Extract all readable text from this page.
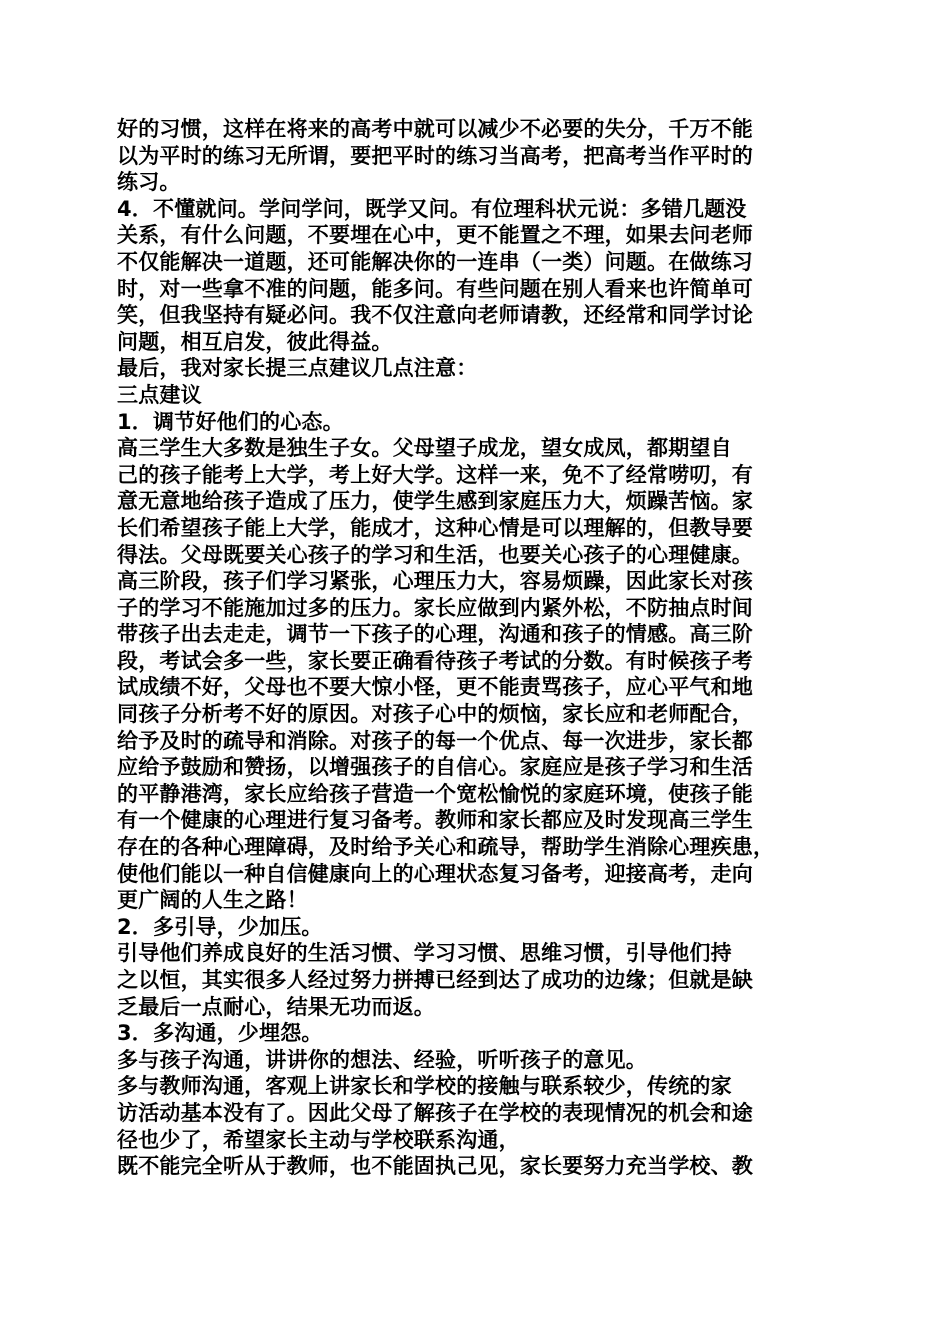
好的习惯，这样在将来的高考中就可以减少不必要的失分，千万不能
以为平时的练习无所谓，要把平时的练习当高考，把高考当作平时的
练习。
4．不懂就问。学问学问，既学又问。有位理科状元说：多错几题没
关系，有什么问题，不要埋在心中，更不能置之不理，如果去问老师
不仅能解决一道题，还可能解决你的一连串（一类）问题。在做练习
时，对一些拿不准的问题，能多问。有些问题在别人看来也许简单可
笑，但我坚持有疑必问。我不仅注意向老师请教，还经常和同学讨论
问题，相互启发，彼此得益。
最后，我对家长提三点建议几点注意：
三点建议
1．调节好他们的心态。
高三学生大多数是独生子女。父母望子成龙，望女成凤，都期望自
己的孩子能考上大学，考上好大学。这样一来，免不了经常唠叨，有
意无意地给孩子造成了压力，使学生感到家庭压力大，烦躁苦恼。家
长们希望孩子能上大学，能成才，这种心情是可以理解的，但教导要
得法。父母既要关心孩子的学习和生活，也要关心孩子的心理健康。
高三阶段，孩子们学习紧张，心理压力大，容易烦躁，因此家长对孩
子的学习不能施加过多的压力。家长应做到内紧外松，不防抽点时间
带孩子出去走走，调节一下孩子的心理，沟通和孩子的情感。高三阶
段，考试会多一些，家长要正确看待孩子考试的分数。有时候孩子考
试成绩不好，父母也不要大惊小怪，更不能责骂孩子，应心平气和地
同孩子分析考不好的原因。对孩子心中的烦恼，家长应和老师配合，
给予及时的疏导和消除。对孩子的每一个优点、每一次进步，家长都
应给予鼓励和赞扬，以增强孩子的自信心。家庭应是孩子学习和生活
的平静港湾，家长应给孩子营造一个宽松愉悦的家庭环境，使孩子能
有一个健康的心理进行复习备考。教师和家长都应及时发现高三学生
存在的各种心理障碍，及时给予关心和疏导，帮助学生消除心理疾患，
使他们能以一种自信健康向上的心理状态复习备考，迎接高考，走向
更广阔的人生之路！
2．多引导，少加压。
引导他们养成良好的生活习惯、学习习惯、思维习惯，引导他们持
之以恒，其实很多人经过努力拼搏已经到达了成功的边缘；但就是缺
乏最后一点耐心，结果无功而返。
3．多沟通，少埋怨。
多与孩子沟通，讲讲你的想法、经验，听听孩子的意见。
多与教师沟通，客观上讲家长和学校的接触与联系较少，传统的家
访活动基本没有了。因此父母了解孩子在学校的表现情况的机会和途
径也少了，希望家长主动与学校联系沟通，
既不能完全听从于教师，也不能固执己见，家长要努力充当学校、教
